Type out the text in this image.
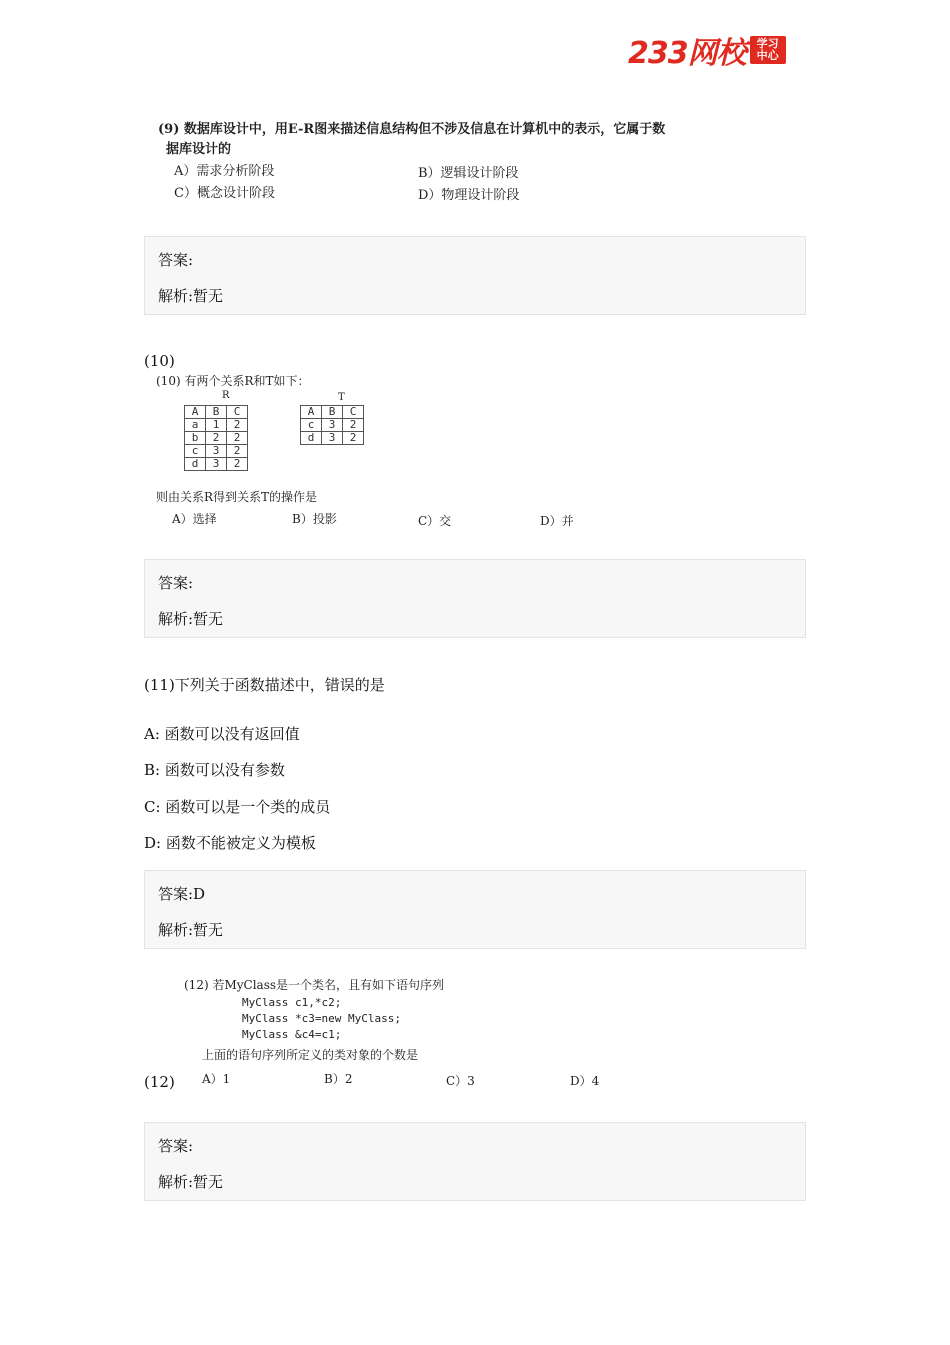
233网校	学习中心
(9) 数据库设计中，用E-R图来描述信息结构但不涉及信息在计算机中的表示，它属于数
据库设计的
A）需求分析阶段	B）逻辑设计阶段
C）概念设计阶段	D）物理设计阶段
答案:
解析:暂无
(10)
(10) 有两个关系R和T如下：
R	T
A	B	C
a	1	2
b	2	2
c	3	2
d	3	2
A	B	C
c	3	2
d	3	2
则由关系R得到关系T的操作是
A）选择	B）投影	C）交	D）并
答案:
解析:暂无
(11)下列关于函数描述中，错误的是
A: 函数可以没有返回值
B: 函数可以没有参数
C: 函数可以是一个类的成员
D: 函数不能被定义为模板
答案:D
解析:暂无
(12) 若MyClass是一个类名，且有如下语句序列
MyClass c1,*c2;
MyClass *c3=new MyClass;
MyClass &c4=c1;
上面的语句序列所定义的类对象的个数是
A）1	B）2	C）3	D）4
(12)
答案:
解析:暂无
